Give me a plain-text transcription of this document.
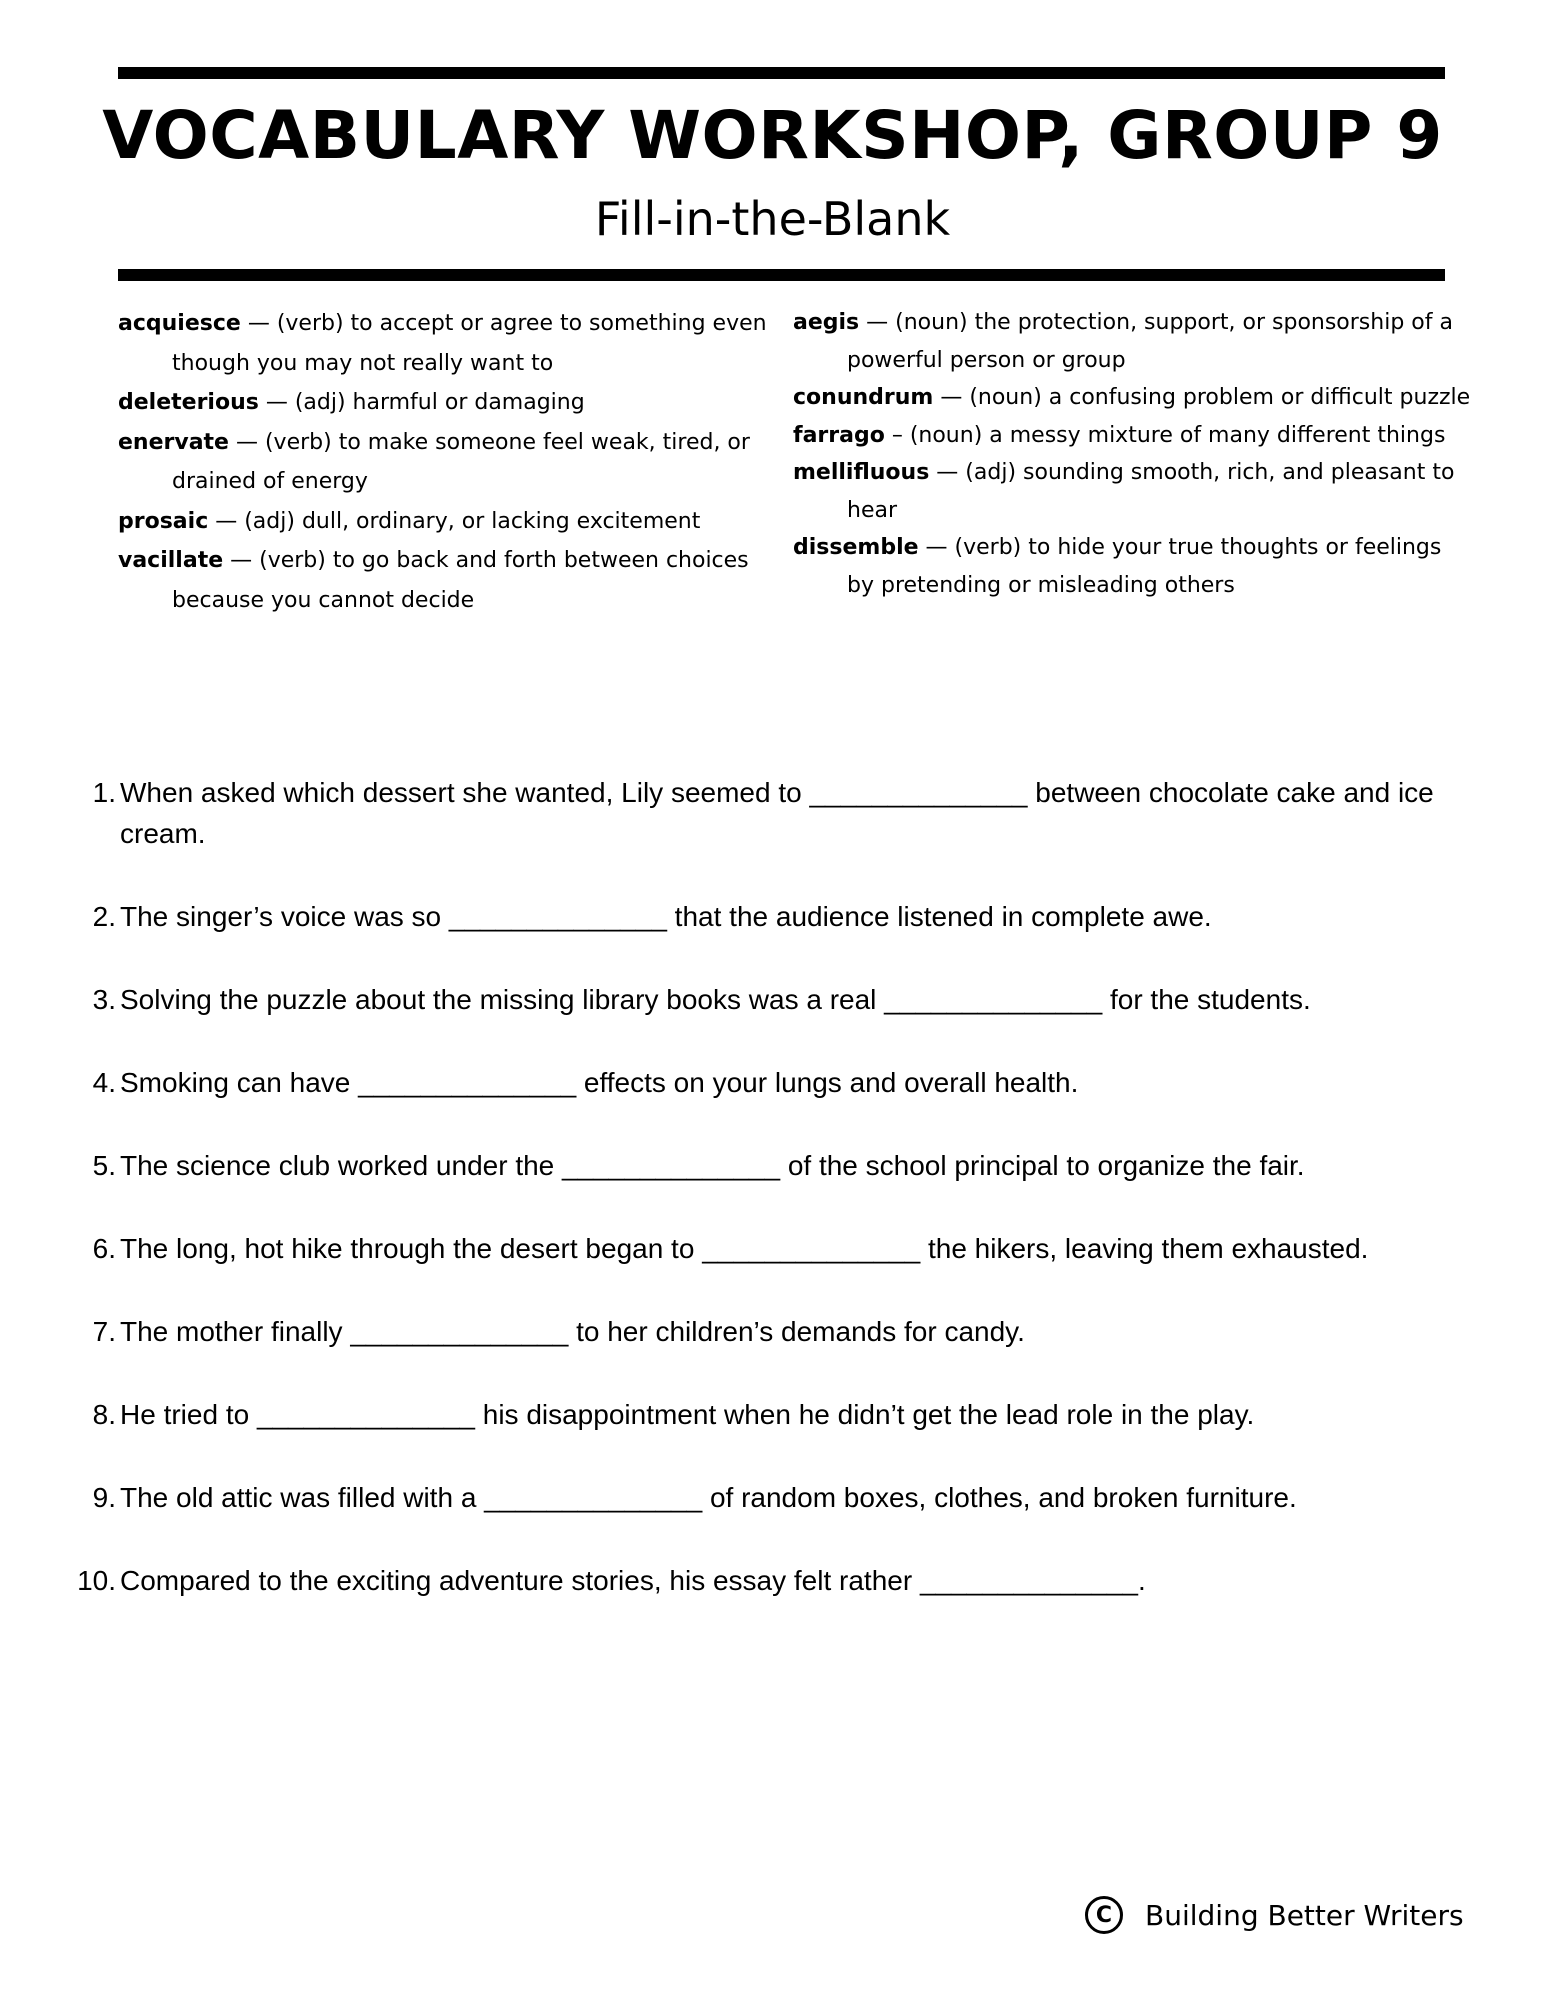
VOCABULARY WORKSHOP, GROUP 9
Fill-in-the-Blank
acquiesce — (verb) to accept or agree to something even though you may not really want to
deleterious — (adj) harmful or damaging
enervate — (verb) to make someone feel weak, tired, or drained of energy
prosaic — (adj) dull, ordinary, or lacking excitement
vacillate — (verb) to go back and forth between choices because you cannot decide
aegis — (noun) the protection, support, or sponsorship of a powerful person or group
conundrum — (noun) a confusing problem or difficult puzzle
farrago – (noun) a messy mixture of many different things
mellifluous — (adj) sounding smooth, rich, and pleasant to hear
dissemble — (verb) to hide your true thoughts or feelings by pretending or misleading others
1. When asked which dessert she wanted, Lily seemed to ______________ between chocolate cake and ice cream.
2. The singer’s voice was so ______________ that the audience listened in complete awe.
3. Solving the puzzle about the missing library books was a real ______________ for the students.
4. Smoking can have ______________ effects on your lungs and overall health.
5. The science club worked under the ______________ of the school principal to organize the fair.
6. The long, hot hike through the desert began to ______________ the hikers, leaving them exhausted.
7. The mother finally ______________ to her children’s demands for candy.
8. He tried to ______________ his disappointment when he didn’t get the lead role in the play.
9. The old attic was filled with a ______________ of random boxes, clothes, and broken furniture.
10. Compared to the exciting adventure stories, his essay felt rather ______________.
C	Building Better Writers
